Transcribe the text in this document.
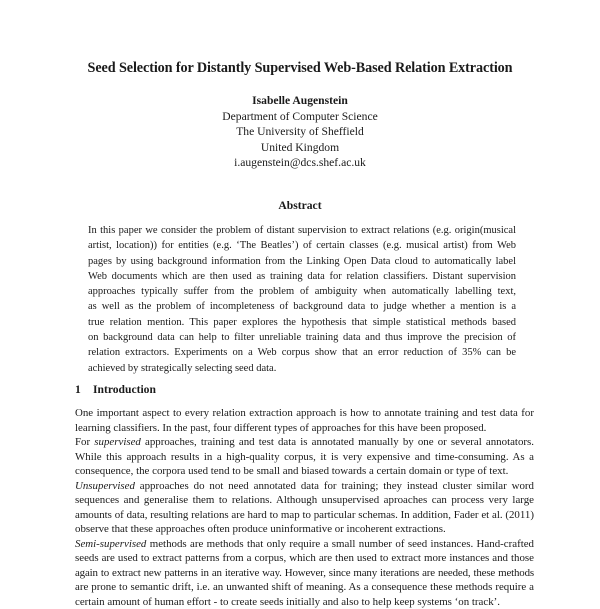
Seed Selection for Distantly Supervised Web-Based Relation Extraction
Isabelle Augenstein
Department of Computer Science
The University of Sheffield
United Kingdom
i.augenstein@dcs.shef.ac.uk
Abstract
In this paper we consider the problem of distant supervision to extract relations (e.g. origin(musical
artist, location)) for entities (e.g. ‘The Beatles’) of certain classes (e.g. musical artist) from Web
pages by using background information from the Linking Open Data cloud to automatically label
Web documents which are then used as training data for relation classifiers. Distant supervision
approaches typically suffer from the problem of ambiguity when automatically labelling text,
as well as the problem of incompleteness of background data to judge whether a mention is a
true relation mention. This paper explores the hypothesis that simple statistical methods based
on background data can help to filter unreliable training data and thus improve the precision of
relation extractors. Experiments on a Web corpus show that an error reduction of 35% can be
achieved by strategically selecting seed data.
1 Introduction
One important aspect to every relation extraction approach is how to annotate training and test data for
learning classifiers. In the past, four different types of approaches for this have been proposed.
For supervised approaches, training and test data is annotated manually by one or several annotators.
While this approach results in a high-quality corpus, it is very expensive and time-consuming. As a
consequence, the corpora used tend to be small and biased towards a certain domain or type of text.
Unsupervised approaches do not need annotated data for training; they instead cluster similar word
sequences and generalise them to relations. Although unsupervised aproaches can process very large
amounts of data, resulting relations are hard to map to particular schemas. In addition, Fader et al. (2011)
observe that these approaches often produce uninformative or incoherent extractions.
Semi-supervised methods are methods that only require a small number of seed instances. Hand-crafted
seeds are used to extract patterns from a corpus, which are then used to extract more instances and those
again to extract new patterns in an iterative way. However, since many iterations are needed, these methods
are prone to semantic drift, i.e. an unwanted shift of meaning. As a consequence these methods require a
certain amount of human effort - to create seeds initially and also to help keep systems ‘on track’.
